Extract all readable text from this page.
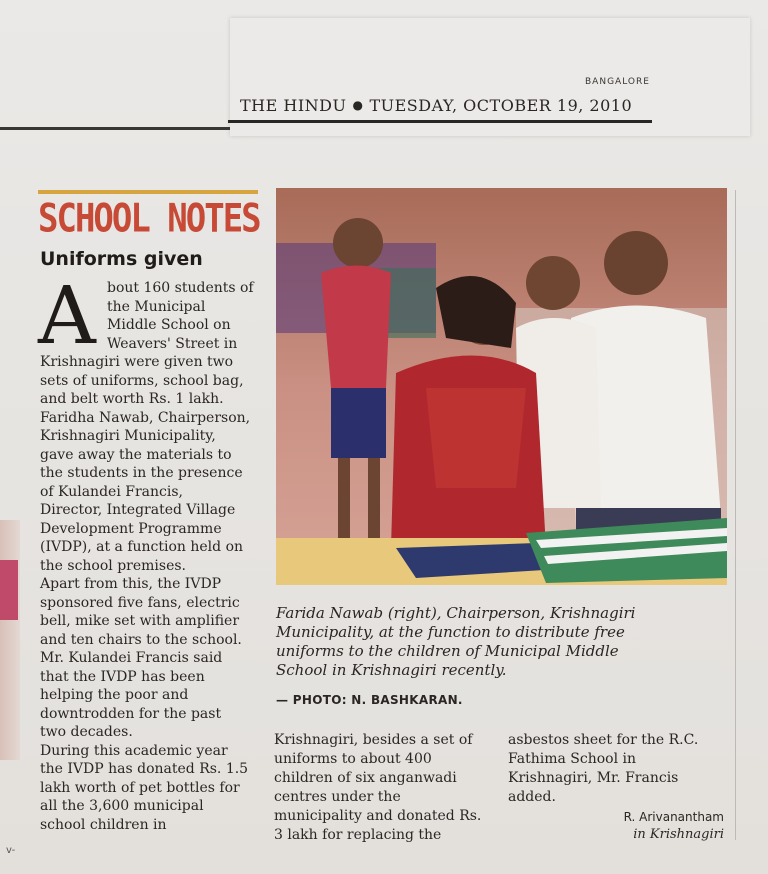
BANGALORE
THE HINDU ● TUESDAY, OCTOBER 19, 2010
SCHOOL NOTES
Uniforms given
A bout 160 students of
the Municipal
Middle School on
Weavers' Street in
Krishnagiri were given two
sets of uniforms, school bag,
and belt worth Rs. 1 lakh.
Faridha Nawab, Chairperson,
Krishnagiri Municipality,
gave away the materials to
the students in the presence
of Kulandei Francis,
Director, Integrated Village
Development Programme
(IVDP), at a function held on
the school premises.
Apart from this, the IVDP
sponsored five fans, electric
bell, mike set with amplifier
and ten chairs to the school.
Mr. Kulandei Francis said
that the IVDP has been
helping the poor and
downtrodden for the past
two decades.
During this academic year
the IVDP has donated Rs. 1.5
lakh worth of pet bottles for
all the 3,600 municipal
school children in
Farida Nawab (right), Chairperson, Krishnagiri
Municipality, at the function to distribute free
uniforms to the children of Municipal Middle
School in Krishnagiri recently.
— PHOTO: N. BASHKARAN.
Krishnagiri, besides a set of
uniforms to about 400
children of six anganwadi
centres under the
municipality and donated Rs.
3 lakh for replacing the
asbestos sheet for the R.C.
Fathima School in
Krishnagiri, Mr. Francis
added.
R. Arivanantham
in Krishnagiri
v-
